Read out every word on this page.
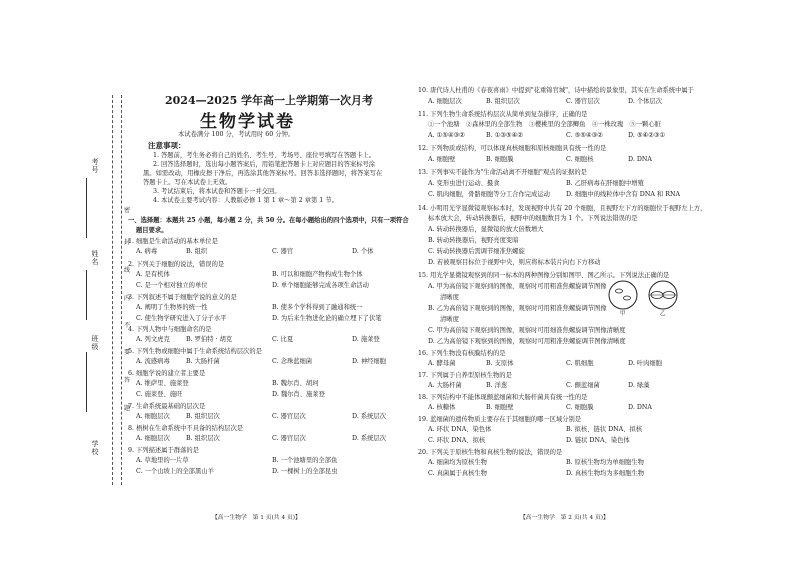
考号
姓名
班级
学校
密
封
线
内
不
要
答
题
2024—2025 学年高一上学期第一次月考
生物学试卷
本试卷满分 100 分，考试用时 60 分钟。
注意事项：
1. 答题前，考生务必将自己的姓名、考生号、考场号、座位号填写在答题卡上。
2. 回答选择题时，选出每小题答案后，用铅笔把答题卡上对应题目的答案标号涂
黑。如需改动，用橡皮擦干净后，再选涂其他答案标号。回答非选择题时，将答案写在
答题卡上。写在本试卷上无效。
3. 考试结束后，将本试卷和答题卡一并交回。
4. 本试卷主要考试内容：人教版必修 1 第 1 章～第 2 章第 1 节。
一、选择题：本题共 25 小题，每小题 2 分，共 50 分。在每小题给出的四个选项中，只有一项符合
题目要求。
1. 细胞是生命活动的基本单位是
A. 病毒	B. 组织	C. 器官	D. 个体
2. 下列关于细胞的说法，错误的是
A. 是有机体	B. 可以和细胞产物构成生物个体
C. 是一个相对独立的单位	D. 单个细胞能够完成各项生命活动
3. 下列叙述不属于细胞学说的意义的是
A. 阐明了生物界的统一性	B. 使多个学科得到了融通和统一
C. 使生物学研究进入了分子水平	D. 为后来生物进化论的确立埋下了伏笔
4. 下列人物中与细胞命名的是
A. 列文虎克	B. 罗伯特 · 胡克	C. 比夏	D. 施莱登
5. 下列生物或细胞中属于生命系统结构层次的是
A. 流感病毒	B. 大肠杆菌	C. 念珠蓝细菌	D. 神经细胞
6. 细胞学说的建立者主要是
A. 维萨里、施莱登	B. 魏尔肖、胡珂
C. 施莱登、施旺	D. 魏尔肖、施莱登
7. 生命系统最基础的层次是
A. 细胞层次	B. 组织层次	C. 器官层次	D. 系统层次
8. 梧树在生命系统中不具备的结构层次是
A. 细胞层次	B. 组织层次	C. 器官层次	D. 系统层次
9. 下列描述属于群落的是
A. 草地里的一片草	B. 一个池塘里的全部鱼
C. 一个山坡上的全部黑山羊	D. 一棵树上的全部昆虫
【高一生物学　第 1 页(共 4 页)】
10. 唐代诗人杜甫的《春夜喜雨》中提到"花重锦官城"，诗中描绘的景象里，其实在生命系统中属于
A. 细胞层次	B. 组织层次	C. 器官层次	D. 个体层次
11. 下列生物生命系统结构层次从简单到复杂排序，正确的是
①一个池塘　②森林里的全部生物　③樱桃里的全部鲫鱼　④一株玫瑰　⑤一颗心脏
A. ①⑤④③②	B. ①③⑤④②	C. ⑤⑤④③②	D. ⑤④②③①
12. 下列物质或结构，可以体现真核细胞和原核细胞具有统一性的是
A. 细胞壁	B. 细胞膜	C. 细胞核	D. DNA
13. 下列事实不能作为"生命活动离不开细胞"观点的证据的是
A. 变形虫进行运动、摄食	B. 乙肝病毒在肝细胞中增殖
C. 肌肉细胞，骨骼细胞等分工合作完成运动	D. 细胞中的线粒体中含有 DNA 和 RNA
14. 小明用光学显微镜观察标本时，发现视野中共有 20 个细胞，且视野左下方的细胞位于视野左上方，
标本放大会，转动转换器后，视野中的细胞数目为 1 个。下列说法错误的是
A. 转动转换器后，显微镜的放大倍数增大
B. 转动转换器后，视野亮度变暗
C. 转动转换器后需调节细准焦螺旋
D. 若被观察目标位于视野中央，则应将标本装片向右下方移动
15. 用光学显微镜观察到的同一标本的两种图像分别如图甲、图乙所示。下列说法正确的是
A. 甲为高倍镜下观察到的图像，观察时可用粗准焦螺旋调节图像
清晰度
B. 乙为高倍镜下观察到的图像，观察时可用粗准焦螺旋调节图像
清晰度
C. 甲为高倍镜下观察到的图像，观察时可用细准焦螺旋调节图像清晰度
D. 乙为高倍镜下观察到的图像，观察时可用粗准焦螺旋调节图像清晰度
16. 下列生物没有核膜结构的是
A. 酵母菌	B. 支原体	C. 肌细胞	D. 叶肉细胞
17. 下列属于自养型原核生物的是
A. 大肠杆菌	B. 洋葱	C. 颤蓝细菌	D. 绿藻
18. 下列结构中不能体现颤蓝细菌和大肠杆菌具有统一性的是
A. 核糖体	B. 细胞壁	C. 细胞膜	D. DNA
19. 蓝细菌的遗传物质主要存在于其细胞的哪一区域分别是
A. 环状 DNA、染色体	B. 拟核、链状 DNA、拟核
C. 环状 DNA、拟核	D. 链状 DNA、染色体
20. 下列关于原核生物和真核生物的说法，错误的是
A. 细菌均为原核生物	B. 原核生物均为单细胞生物
C. 真菌属于真核生物	D. 真核生物均为多细胞生物
甲	乙
【高一生物学　第 2 页(共 4 页)】
